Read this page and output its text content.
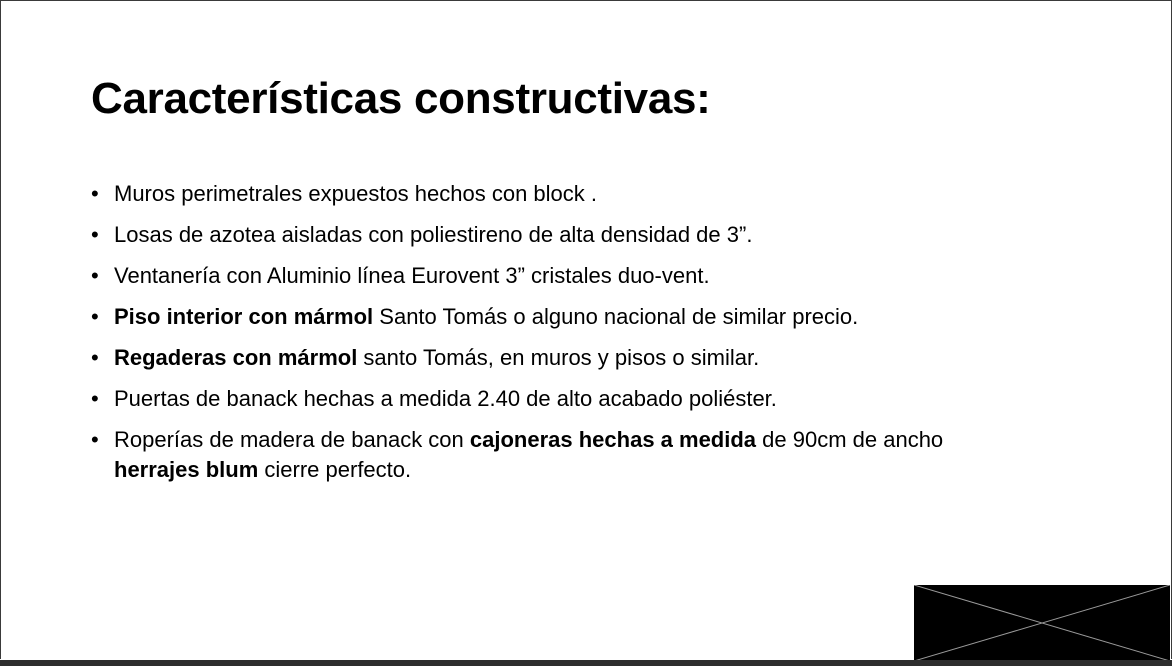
Características constructivas:
• Muros perimetrales expuestos hechos con block .
• Losas de azotea aisladas con poliestireno de alta densidad de 3”.
• Ventanería con Aluminio línea Eurovent 3” cristales duo-vent.
• Piso interior con mármol Santo Tomás o alguno nacional de similar precio.
• Regaderas con mármol santo Tomás, en muros y pisos o similar.
• Puertas de banack hechas a medida 2.40 de alto acabado poliéster.
• Roperías de madera de banack con cajoneras hechas a medida de 90cm de ancho herrajes blum cierre perfecto.
